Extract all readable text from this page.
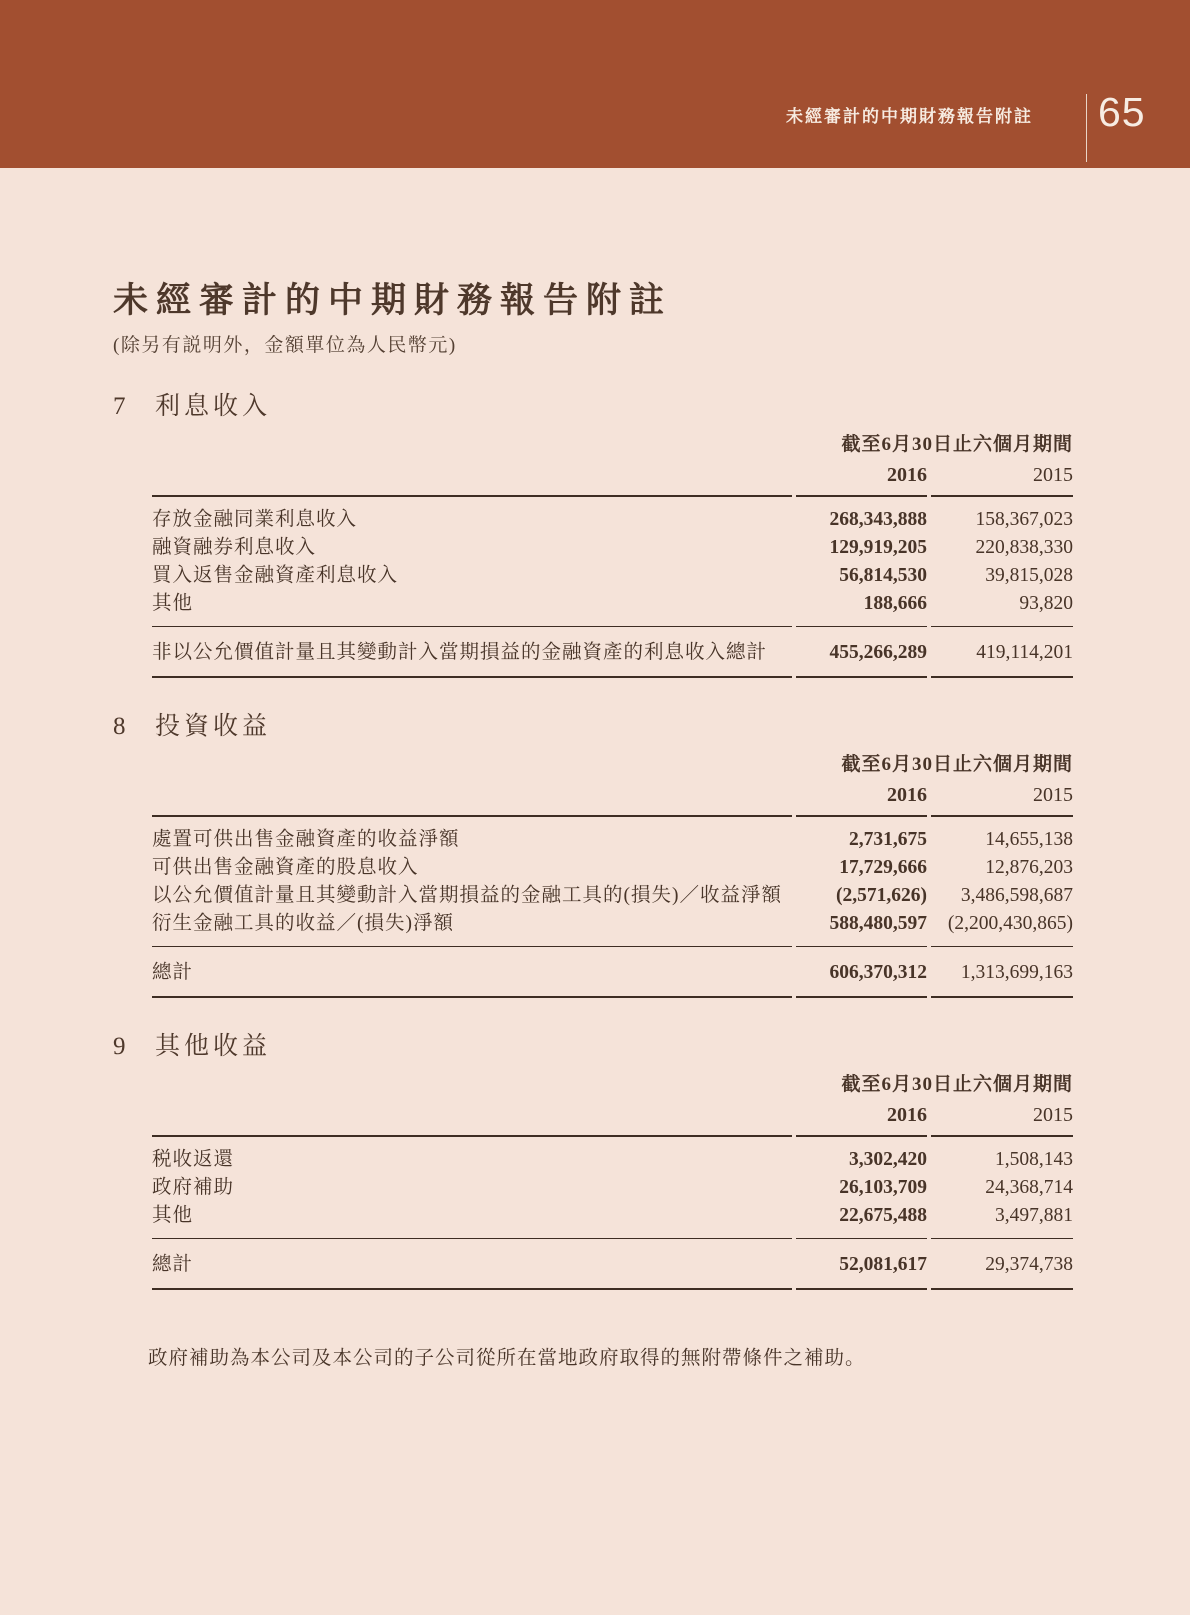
未經審計的中期財務報告附註 65
未經審計的中期財務報告附註
(除另有説明外，金額單位為人民幣元)
7	利息收入
	截至6月30日止六個月期間	
	2016	2015
存放金融同業利息收入	268,343,888	158,367,023
融資融券利息收入	129,919,205	220,838,330
買入返售金融資產利息收入	56,814,530	39,815,028
其他	188,666	93,820
非以公允價值計量且其變動計入當期損益的金融資產的利息收入總計	455,266,289	419,114,201
8	投資收益
	截至6月30日止六個月期間	
	2016	2015
處置可供出售金融資產的收益淨額	2,731,675	14,655,138
可供出售金融資產的股息收入	17,729,666	12,876,203
以公允價值計量且其變動計入當期損益的金融工具的(損失)／收益淨額	(2,571,626)	3,486,598,687
衍生金融工具的收益／(損失)淨額	588,480,597	(2,200,430,865)
總計	606,370,312	1,313,699,163
9	其他收益
	截至6月30日止六個月期間	
	2016	2015
税收返還	3,302,420	1,508,143
政府補助	26,103,709	24,368,714
其他	22,675,488	3,497,881
總計	52,081,617	29,374,738
政府補助為本公司及本公司的子公司從所在當地政府取得的無附帶條件之補助。
